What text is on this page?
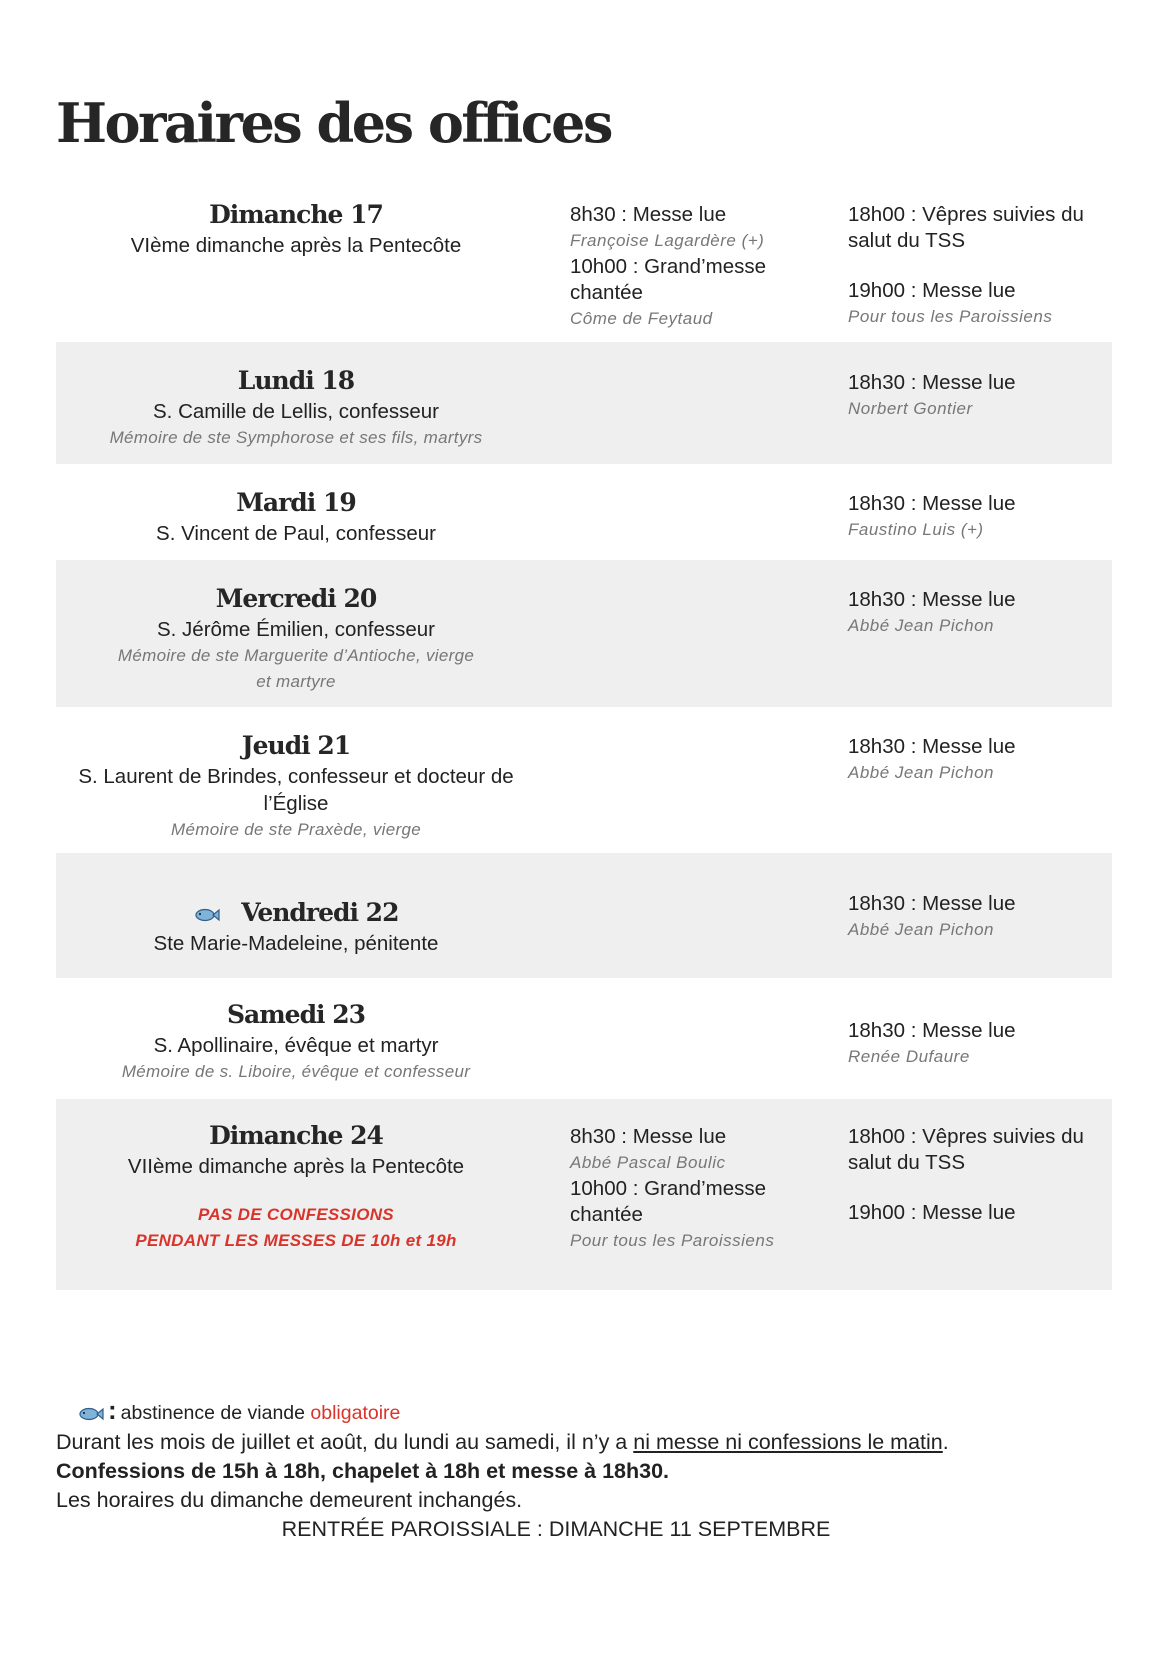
Horaires des offices
Dimanche 17
VIème dimanche après la Pentecôte
8h30 : Messe lue
Françoise Lagardère (+)
10h00 : Grand’messe chantée
Côme de Feytaud
18h00 : Vêpres suivies du salut du TSS
19h00 : Messe lue
Pour tous les Paroissiens
Lundi 18
S. Camille de Lellis, confesseur
Mémoire de ste Symphorose et ses fils, martyrs
18h30 : Messe lue
Norbert Gontier
Mardi 19
S. Vincent de Paul, confesseur
18h30 : Messe lue
Faustino Luis (+)
Mercredi 20
S. Jérôme Émilien, confesseur
Mémoire de ste Marguerite d’Antioche, vierge et martyre
18h30 : Messe lue
Abbé Jean Pichon
Jeudi 21
S. Laurent de Brindes, confesseur et docteur de l’Église
Mémoire de ste Praxède, vierge
18h30 : Messe lue
Abbé Jean Pichon
Vendredi 22
Ste Marie-Madeleine, pénitente
18h30 : Messe lue
Abbé Jean Pichon
Samedi 23
S. Apollinaire, évêque et martyr
Mémoire de s. Liboire, évêque et confesseur
18h30 : Messe lue
Renée Dufaure
Dimanche 24
VIIème dimanche après la Pentecôte
PAS DE CONFESSIONS
PENDANT LES MESSES DE 10h et 19h
8h30 : Messe lue
Abbé Pascal Boulic
10h00 : Grand’messe chantée
Pour tous les Paroissiens
18h00 : Vêpres suivies du salut du TSS
19h00 : Messe lue
: abstinence de viande obligatoire
Durant les mois de juillet et août, du lundi au samedi, il n’y a ni messe ni confessions le matin.
Confessions de 15h à 18h, chapelet à 18h et messe à 18h30.
Les horaires du dimanche demeurent inchangés.
RENTRÉE PAROISSIALE : DIMANCHE 11 SEPTEMBRE
